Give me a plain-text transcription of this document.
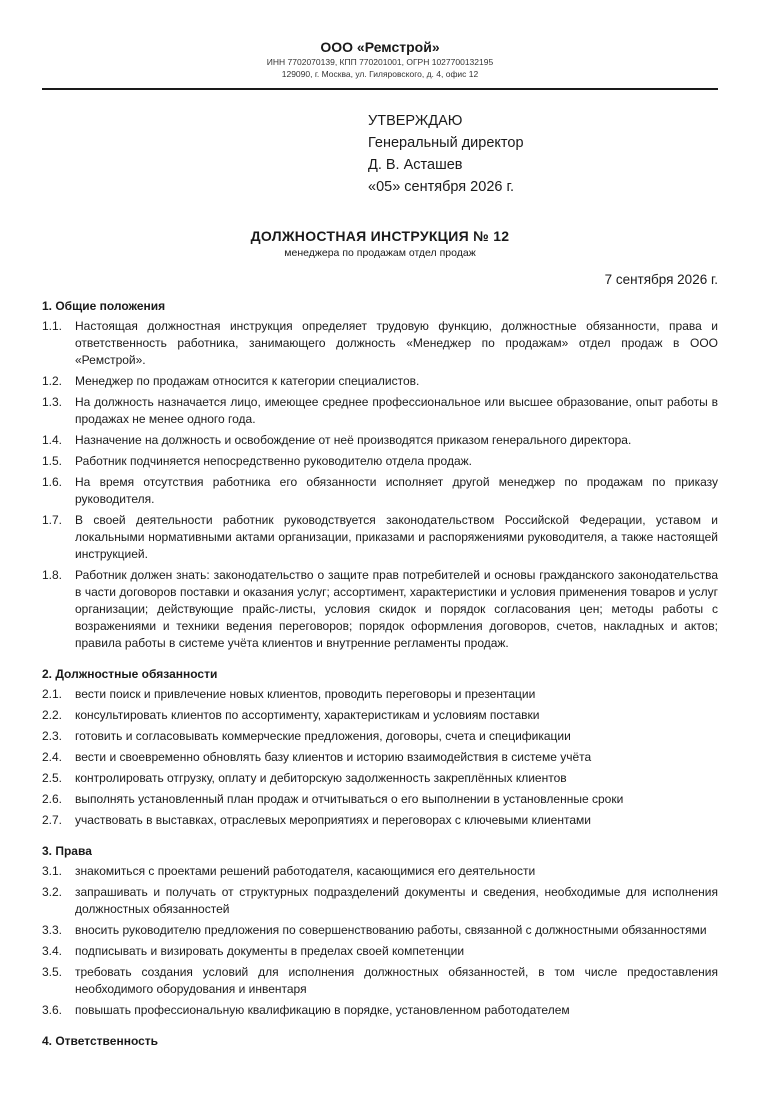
ООО «Ремстрой»
ИНН 7702070139, КПП 770201001, ОГРН 1027700132195
129090, г. Москва, ул. Гиляровского, д. 4, офис 12
УТВЕРЖДАЮ
Генеральный директор
Д. В. Асташев
«05» сентября 2026 г.
ДОЛЖНОСТНАЯ ИНСТРУКЦИЯ № 12
менеджера по продажам отдел продаж
7 сентября 2026 г.
1. Общие положения
1.1.	Настоящая должностная инструкция определяет трудовую функцию, должностные обязанности, права и ответственность работника, занимающего должность «Менеджер по продажам» отдел продаж в ООО «Ремстрой».
1.2.	Менеджер по продажам относится к категории специалистов.
1.3.	На должность назначается лицо, имеющее среднее профессиональное или высшее образование, опыт работы в продажах не менее одного года.
1.4.	Назначение на должность и освобождение от неё производятся приказом генерального директора.
1.5.	Работник подчиняется непосредственно руководителю отдела продаж.
1.6.	На время отсутствия работника его обязанности исполняет другой менеджер по продажам по приказу руководителя.
1.7.	В своей деятельности работник руководствуется законодательством Российской Федерации, уставом и локальными нормативными актами организации, приказами и распоряжениями руководителя, а также настоящей инструкцией.
1.8.	Работник должен знать: законодательство о защите прав потребителей и основы гражданского законодательства в части договоров поставки и оказания услуг; ассортимент, характеристики и условия применения товаров и услуг организации; действующие прайс-листы, условия скидок и порядок согласования цен; методы работы с возражениями и техники ведения переговоров; порядок оформления договоров, счетов, накладных и актов; правила работы в системе учёта клиентов и внутренние регламенты продаж.
2. Должностные обязанности
2.1.	вести поиск и привлечение новых клиентов, проводить переговоры и презентации
2.2.	консультировать клиентов по ассортименту, характеристикам и условиям поставки
2.3.	готовить и согласовывать коммерческие предложения, договоры, счета и спецификации
2.4.	вести и своевременно обновлять базу клиентов и историю взаимодействия в системе учёта
2.5.	контролировать отгрузку, оплату и дебиторскую задолженность закреплённых клиентов
2.6.	выполнять установленный план продаж и отчитываться о его выполнении в установленные сроки
2.7.	участвовать в выставках, отраслевых мероприятиях и переговорах с ключевыми клиентами
3. Права
3.1.	знакомиться с проектами решений работодателя, касающимися его деятельности
3.2.	запрашивать и получать от структурных подразделений документы и сведения, необходимые для исполнения должностных обязанностей
3.3.	вносить руководителю предложения по совершенствованию работы, связанной с должностными обязанностями
3.4.	подписывать и визировать документы в пределах своей компетенции
3.5.	требовать создания условий для исполнения должностных обязанностей, в том числе предоставления необходимого оборудования и инвентаря
3.6.	повышать профессиональную квалификацию в порядке, установленном работодателем
4. Ответственность
